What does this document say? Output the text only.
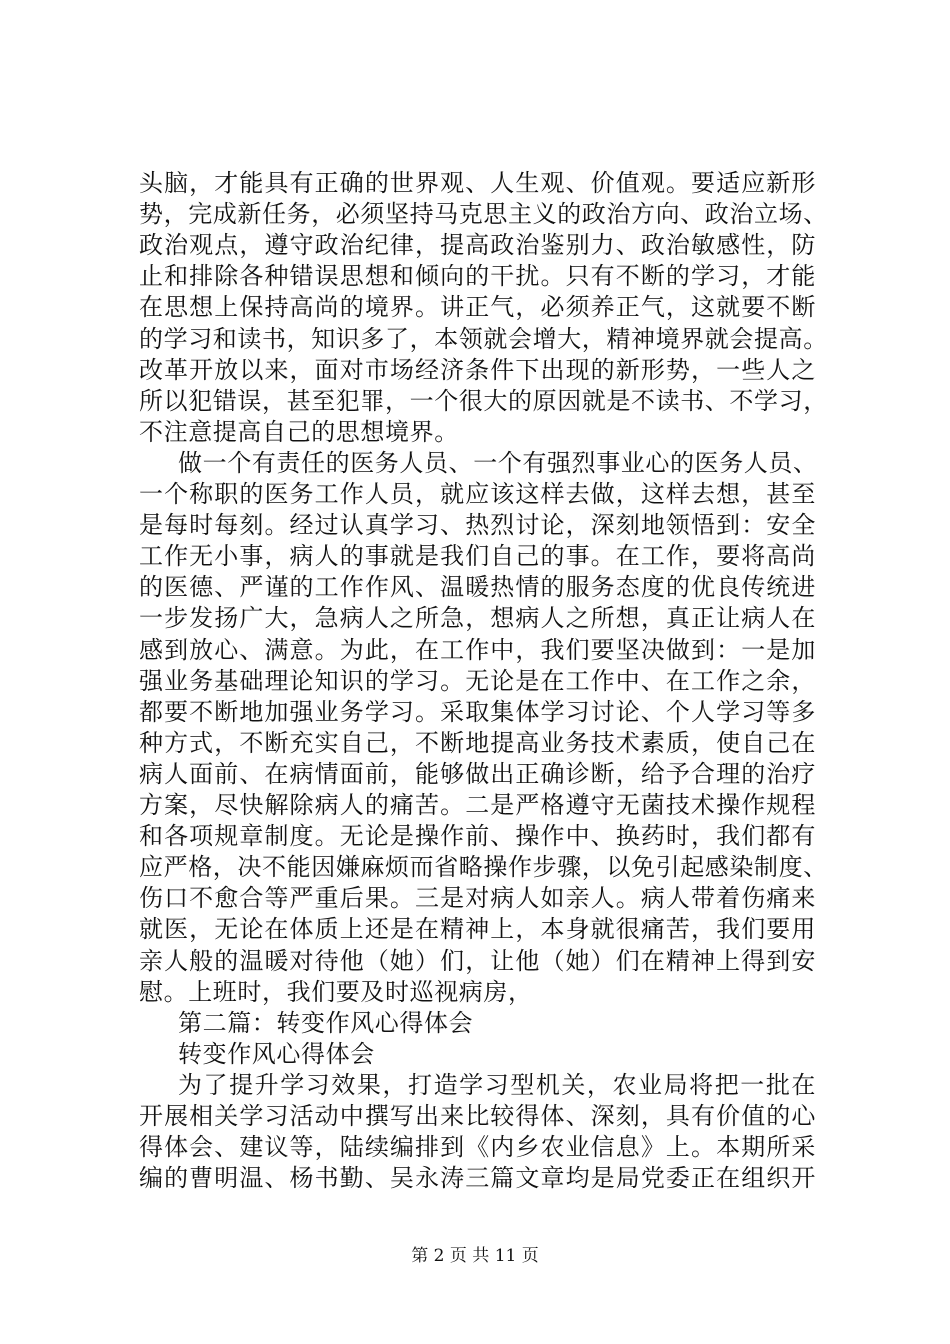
头脑，才能具有正确的世界观、人生观、价值观。要适应新形
势，完成新任务，必须坚持马克思主义的政治方向、政治立场、
政治观点，遵守政治纪律，提高政治鉴别力、政治敏感性，防
止和排除各种错误思想和倾向的干扰。只有不断的学习，才能
在思想上保持高尚的境界。讲正气，必须养正气，这就要不断
的学习和读书，知识多了，本领就会增大，精神境界就会提高。
改革开放以来，面对市场经济条件下出现的新形势，一些人之
所以犯错误，甚至犯罪，一个很大的原因就是不读书、不学习，
不注意提高自己的思想境界。
做一个有责任的医务人员、一个有强烈事业心的医务人员、
一个称职的医务工作人员，就应该这样去做，这样去想，甚至
是每时每刻。经过认真学习、热烈讨论，深刻地领悟到：安全
工作无小事，病人的事就是我们自己的事。在工作，要将高尚
的医德、严谨的工作作风、温暖热情的服务态度的优良传统进
一步发扬广大，急病人之所急，想病人之所想，真正让病人在
感到放心、满意。为此，在工作中，我们要坚决做到：一是加
强业务基础理论知识的学习。无论是在工作中、在工作之余，
都要不断地加强业务学习。采取集体学习讨论、个人学习等多
种方式，不断充实自己，不断地提高业务技术素质，使自己在
病人面前、在病情面前，能够做出正确诊断，给予合理的治疗
方案，尽快解除病人的痛苦。二是严格遵守无菌技术操作规程
和各项规章制度。无论是操作前、操作中、换药时，我们都有
应严格，决不能因嫌麻烦而省略操作步骤，以免引起感染制度、
伤口不愈合等严重后果。三是对病人如亲人。病人带着伤痛来
就医，无论在体质上还是在精神上，本身就很痛苦，我们要用
亲人般的温暖对待他（她）们，让他（她）们在精神上得到安
慰。上班时，我们要及时巡视病房，
第二篇：转变作风心得体会
转变作风心得体会
为了提升学习效果，打造学习型机关，农业局将把一批在
开展相关学习活动中撰写出来比较得体、深刻，具有价值的心
得体会、建议等，陆续编排到《内乡农业信息》上。本期所采
编的曹明温、杨书勤、吴永涛三篇文章均是局党委正在组织开
第 2 页 共 11 页
